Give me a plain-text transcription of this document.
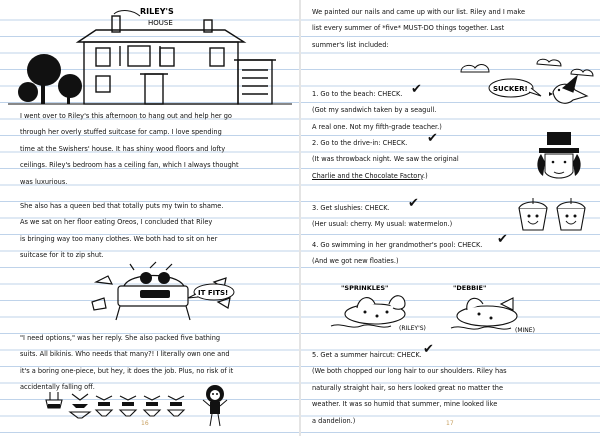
RILEY'S
HOUSE
I went over to Riley's this afternoon to hang out and help her go
through her overly stuffed suitcase for camp. I love spending
time at the Swishers' house. It has shiny wood floors and lofty
ceilings. Riley's bedroom has a ceiling fan, which I always thought
was luxurious.
She also has a queen bed that totally puts my twin to shame.
As we sat on her floor eating Oreos, I concluded that Riley
is bringing way too many clothes. We both had to sit on her
suitcase for it to zip shut.
IT FITS!
"I need options," was her reply. She also packed five bathing
suits. All bikinis. Who needs that many?! I literally own one and
it's a boring one-piece, but hey, it does the job. Plus, no risk of it
accidentally falling off.
16
We painted our nails and came up with our list. Riley and I make
list every summer of *five* MUST-DO things together. Last
summer's list included:
SUCKER!
1. Go to the beach: CHECK.
(Got my sandwich taken by a seagull.
A real one. Not my fifth-grade teacher.)
✔
2. Go to the drive-in: CHECK.
(It was throwback night. We saw the original
Charlie and the Chocolate Factory.)
✔
3. Get slushies: CHECK.
(Her usual: cherry. My usual: watermelon.)
✔
4. Go swimming in her grandmother's pool: CHECK.
(And we got new floaties.)
✔
"SPRINKLES"	"DEBBIE"
(RILEY'S)	(MINE)
5. Get a summer haircut: CHECK.
(We both chopped our long hair to our shoulders. Riley has
naturally straight hair, so hers looked great no matter the
weather. It was so humid that summer, mine looked like
a dandelion.)
✔
17
